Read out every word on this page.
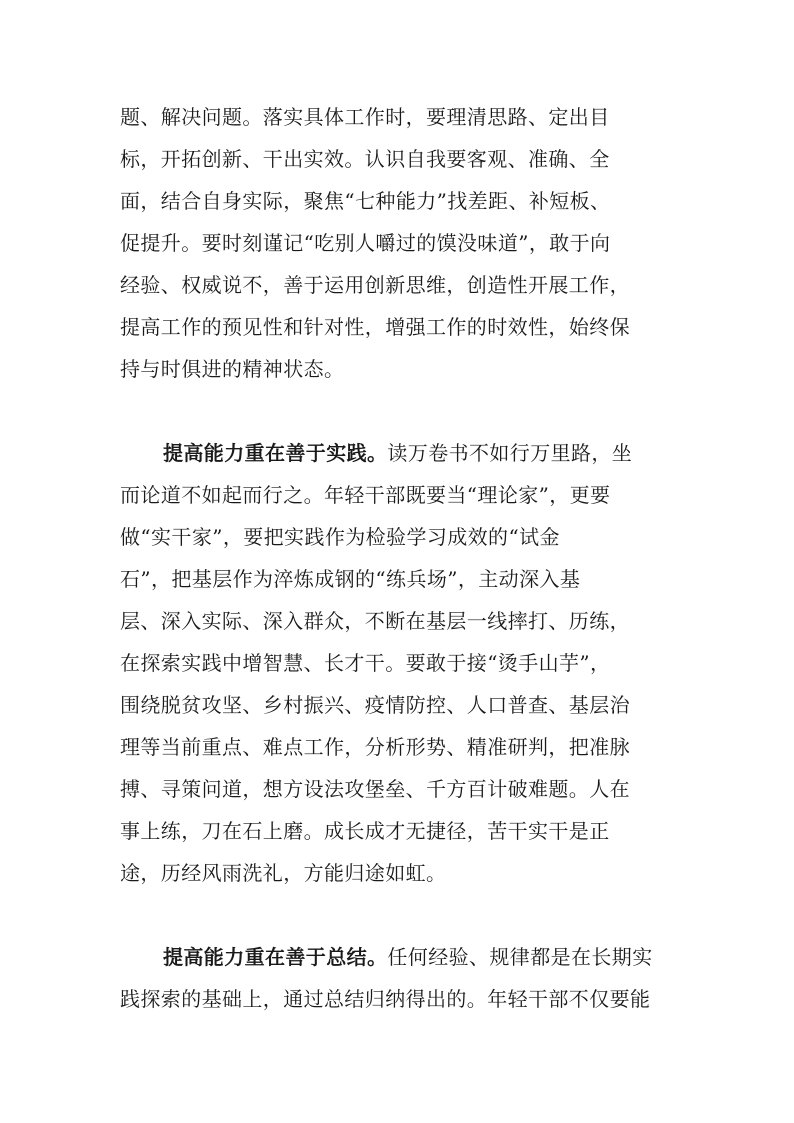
题、解决问题。落实具体工作时，要理清思路、定出目
标，开拓创新、干出实效。认识自我要客观、准确、全
面，结合自身实际，聚焦“七种能力”找差距、补短板、
促提升。要时刻谨记“吃别人嚼过的馍没味道”，敢于向
经验、权威说不，善于运用创新思维，创造性开展工作，
提高工作的预见性和针对性，增强工作的时效性，始终保
持与时俱进的精神状态。
提高能力重在善于实践。读万卷书不如行万里路，坐
而论道不如起而行之。年轻干部既要当“理论家”，更要
做“实干家”，要把实践作为检验学习成效的“试金
石”，把基层作为淬炼成钢的“练兵场”，主动深入基
层、深入实际、深入群众，不断在基层一线摔打、历练，
在探索实践中增智慧、长才干。要敢于接“烫手山芋”，
围绕脱贫攻坚、乡村振兴、疫情防控、人口普查、基层治
理等当前重点、难点工作，分析形势、精准研判，把准脉
搏、寻策问道，想方设法攻堡垒、千方百计破难题。人在
事上练，刀在石上磨。成长成才无捷径，苦干实干是正
途，历经风雨洗礼，方能归途如虹。
提高能力重在善于总结。任何经验、规律都是在长期实
践探索的基础上，通过总结归纳得出的。年轻干部不仅要能
